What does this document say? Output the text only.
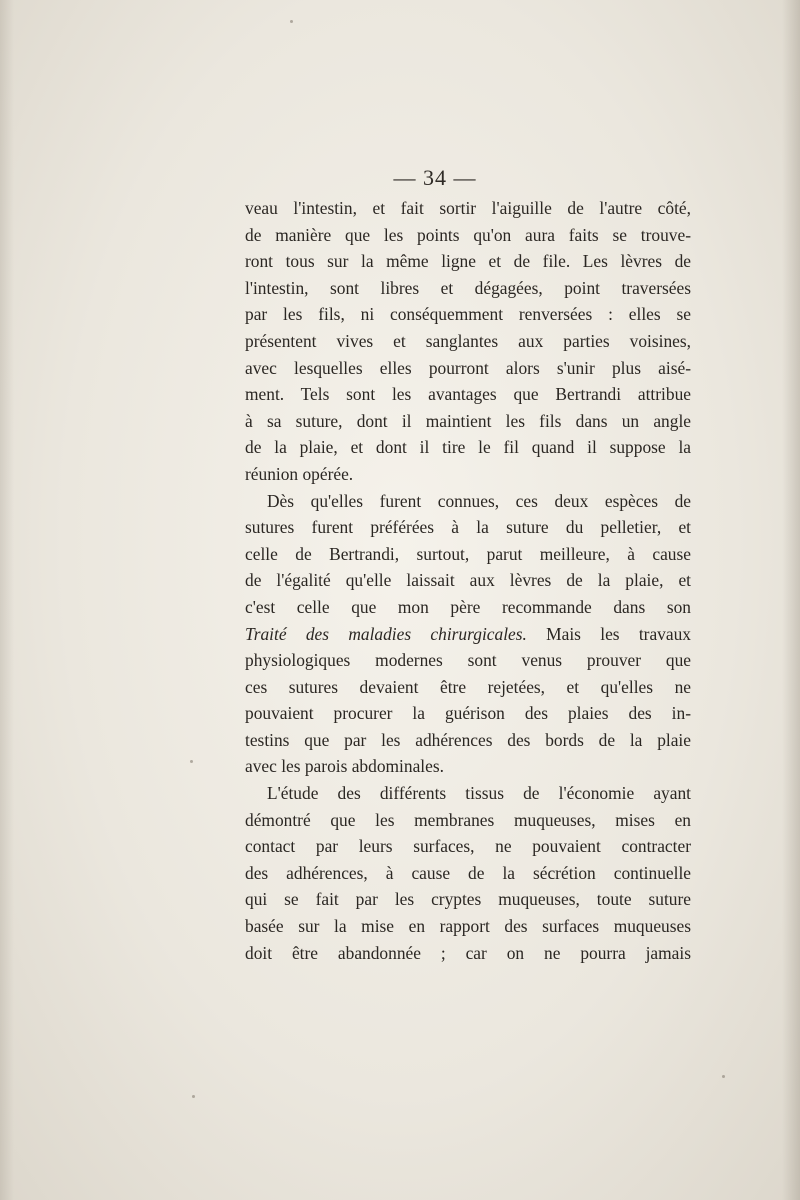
— 34 —
veau l'intestin, et fait sortir l'aiguille de l'autre côté,
de manière que les points qu'on aura faits se trouve-
ront tous sur la même ligne et de file. Les lèvres de
l'intestin, sont libres et dégagées, point traversées
par les fils, ni conséquemment renversées : elles se
présentent vives et sanglantes aux parties voisines,
avec lesquelles elles pourront alors s'unir plus aisé-
ment. Tels sont les avantages que Bertrandi attribue
à sa suture, dont il maintient les fils dans un angle
de la plaie, et dont il tire le fil quand il suppose la
réunion opérée.
Dès qu'elles furent connues, ces deux espèces de
sutures furent préférées à la suture du pelletier, et
celle de Bertrandi, surtout, parut meilleure, à cause
de l'égalité qu'elle laissait aux lèvres de la plaie, et
c'est celle que mon père recommande dans son
Traité des maladies chirurgicales. Mais les travaux
physiologiques modernes sont venus prouver que
ces sutures devaient être rejetées, et qu'elles ne
pouvaient procurer la guérison des plaies des in-
testins que par les adhérences des bords de la plaie
avec les parois abdominales.
L'étude des différents tissus de l'économie ayant
démontré que les membranes muqueuses, mises en
contact par leurs surfaces, ne pouvaient contracter
des adhérences, à cause de la sécrétion continuelle
qui se fait par les cryptes muqueuses, toute suture
basée sur la mise en rapport des surfaces muqueuses
doit être abandonnée ; car on ne pourra jamais
